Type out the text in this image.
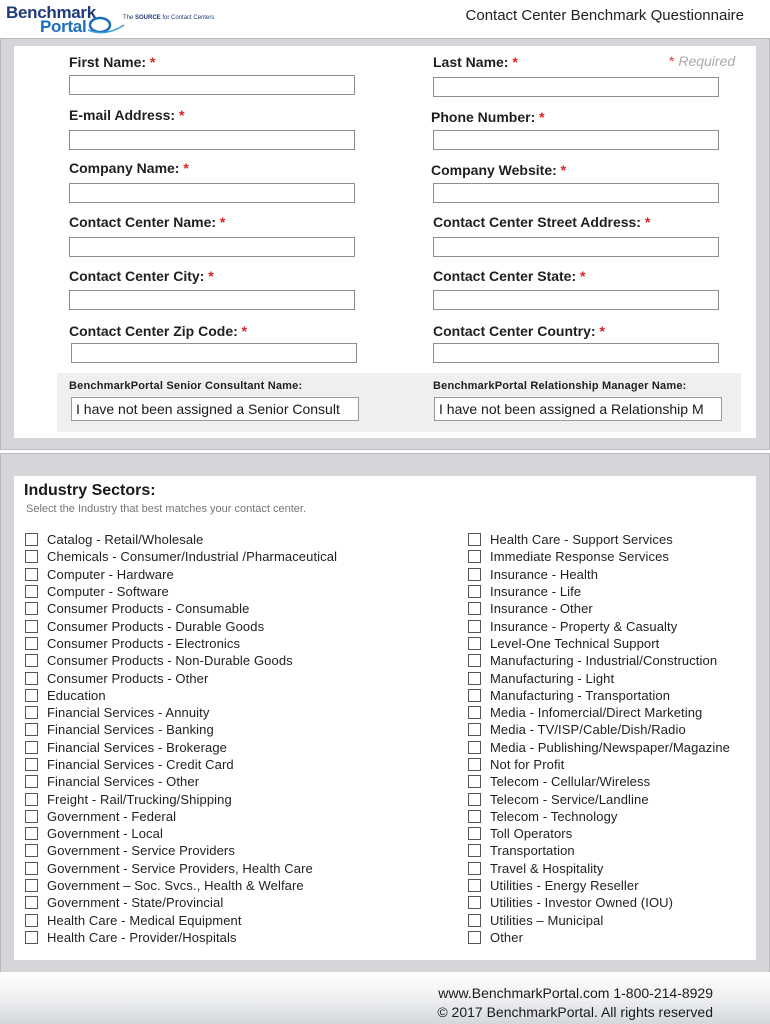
Benchmark
Portal	The SOURCE for Contact Centers	Contact Center Benchmark Questionnaire
* Required
First Name: *	Last Name: *
E-mail Address: *	Phone Number: *
Company Name: *	Company Website: *
Contact Center Name: *	Contact Center Street Address: *
Contact Center City: *	Contact Center State: *
Contact Center Zip Code: *	Contact Center Country: *
BenchmarkPortal Senior Consultant Name:
I have not been assigned a Senior Consult
BenchmarkPortal Relationship Manager Name:
I have not been assigned a Relationship M
Industry Sectors:
Select the Industry that best matches your contact center.
Catalog - Retail/Wholesale
Chemicals - Consumer/Industrial /Pharmaceutical
Computer - Hardware
Computer - Software
Consumer Products - Consumable
Consumer Products - Durable Goods
Consumer Products - Electronics
Consumer Products - Non-Durable Goods
Consumer Products - Other
Education
Financial Services - Annuity
Financial Services - Banking
Financial Services - Brokerage
Financial Services - Credit Card
Financial Services - Other
Freight - Rail/Trucking/Shipping
Government - Federal
Government - Local
Government - Service Providers
Government - Service Providers, Health Care
Government – Soc. Svcs., Health & Welfare
Government - State/Provincial
Health Care - Medical Equipment
Health Care - Provider/Hospitals
Health Care - Support Services
Immediate Response Services
Insurance - Health
Insurance - Life
Insurance - Other
Insurance - Property & Casualty
Level-One Technical Support
Manufacturing - Industrial/Construction
Manufacturing - Light
Manufacturing - Transportation
Media - Infomercial/Direct Marketing
Media - TV/ISP/Cable/Dish/Radio
Media - Publishing/Newspaper/Magazine
Not for Profit
Telecom - Cellular/Wireless
Telecom - Service/Landline
Telecom - Technology
Toll Operators
Transportation
Travel & Hospitality
Utilities - Energy Reseller
Utilities - Investor Owned (IOU)
Utilities – Municipal
Other
www.BenchmarkPortal.com 1-800-214-8929
© 2017 BenchmarkPortal. All rights reserved
